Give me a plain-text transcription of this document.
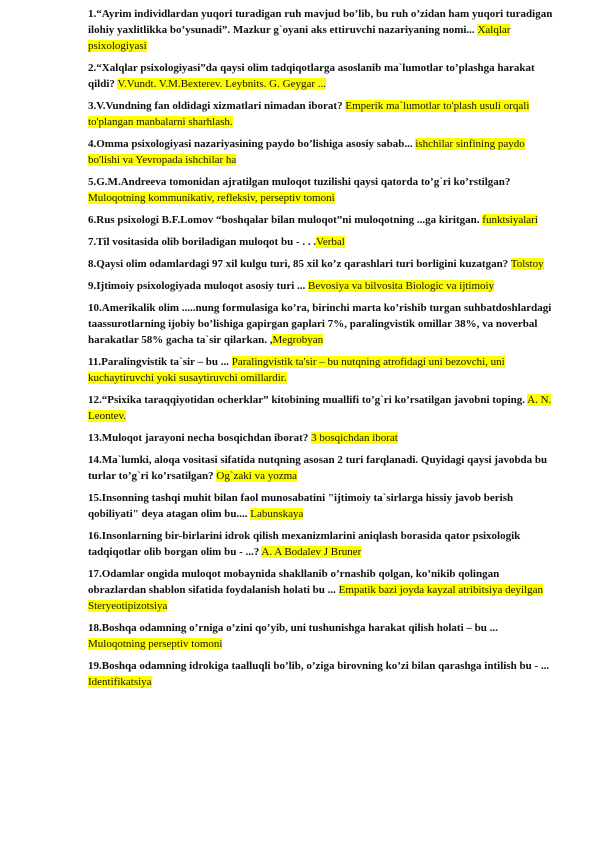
1.“Ayrim individlardan yuqori turadigan ruh mavjud bo’lib, bu ruh o’zidan ham yuqori turadigan ilohiy yaxlitlikka bo’ysunadi”. Mazkur g`oyani aks ettiruvchi nazariyaning nomi... Xalqlar psixologiyasi

2.“Xalqlar psixologiyasi”da qaysi olim tadqiqotlarga asoslanib ma`lumotlar to’plashga harakat qildi? V.Vundt. V.M.Bexterev. Leybnits. G. Geygar ...

3.V.Vundning fan oldidagi xizmatlari nimadan iborat? Emperik ma`lumotlar to'plash usuli orqali to'plangan manbalarni sharhlash.

4.Omma psixologiyasi nazariyasining paydo bo’lishiga asosiy sabab... ishchilar sinfining paydo bo'lishi va Yevropada ishchilar ha

5.G.M.Andreeva tomonidan ajratilgan muloqot tuzilishi qaysi qatorda to’g`ri ko’rstilgan? Muloqotning kommunikativ, refleksiv, perseptiv tomoni

6.Rus psixologi B.F.Lomov “boshqalar bilan muloqot”ni muloqotning ...ga kiritgan. funktsiyalari

7.Til vositasida olib boriladigan muloqot bu - . . .Verbal

8.Qaysi olim odamlardagi 97 xil kulgu turi, 85 xil ko’z qarashlari turi borligini kuzatgan? Tolstoy

9.Ijtimoiy psixologiyada muloqot asosiy turi ... Bevosiya va bilvosita Biologic va ijtimoiy

10.Amerikalik olim .....nung formulasiga ko’ra, birinchi marta ko’rishib turgan suhbatdoshlardagi taassurotlarning ijobiy bo’lishiga gapirgan gaplari 7%, paralingvistik omillar 38%, va noverbal harakatlar 58% gacha ta`sir qilarkan. ,Megrobyan

11.Paralingvistik ta`sir – bu ... Paralingvistik ta'sir – bu nutqning atrofidagi uni bezovchi, uni kuchaytiruvchi yoki susaytiruvchi omillardir.

12.“Psixika taraqqiyotidan ocherklar” kitobining muallifi to’g`ri ko’rsatilgan javobni toping. A. N. Leontev.

13.Muloqot jarayoni necha bosqichdan iborat? 3 bosqichdan iborat

14.Ma`lumki, aloqa vositasi sifatida nutqning asosan 2 turi farqlanadi. Quyidagi qaysi javobda bu turlar to’g`ri ko’rsatilgan? Og`zaki va yozma

15.Insonning tashqi muhit bilan faol munosabatini "ijtimoiy ta`sirlarga hissiy javob berish qobiliyati" deya atagan olim bu.... Labunskaya

16.Insonlarning bir-birlarini idrok qilish mexanizmlarini aniqlash borasida qator psixologik tadqiqotlar olib borgan olim bu - ...? A. A Bodalev J Bruner

17.Odamlar ongida muloqot mobaynida shakllanib o’rnashib qolgan, ko’nikib qolingan obrazlardan shablon sifatida foydalanish holati bu ... Empatik bazi joyda kayzal atribitsiya deyilgan Steryeotipizotsiya

18.Boshqa odamning o’rniga o’zini qo’yib, uni tushunishga harakat qilish holati – bu ... Muloqotning perseptiv tomoni

19.Boshqa odamning idrokiga taalluqli bo’lib, o’ziga birovning ko’zi bilan qarashga intilish bu - ... Identifikatsiya
